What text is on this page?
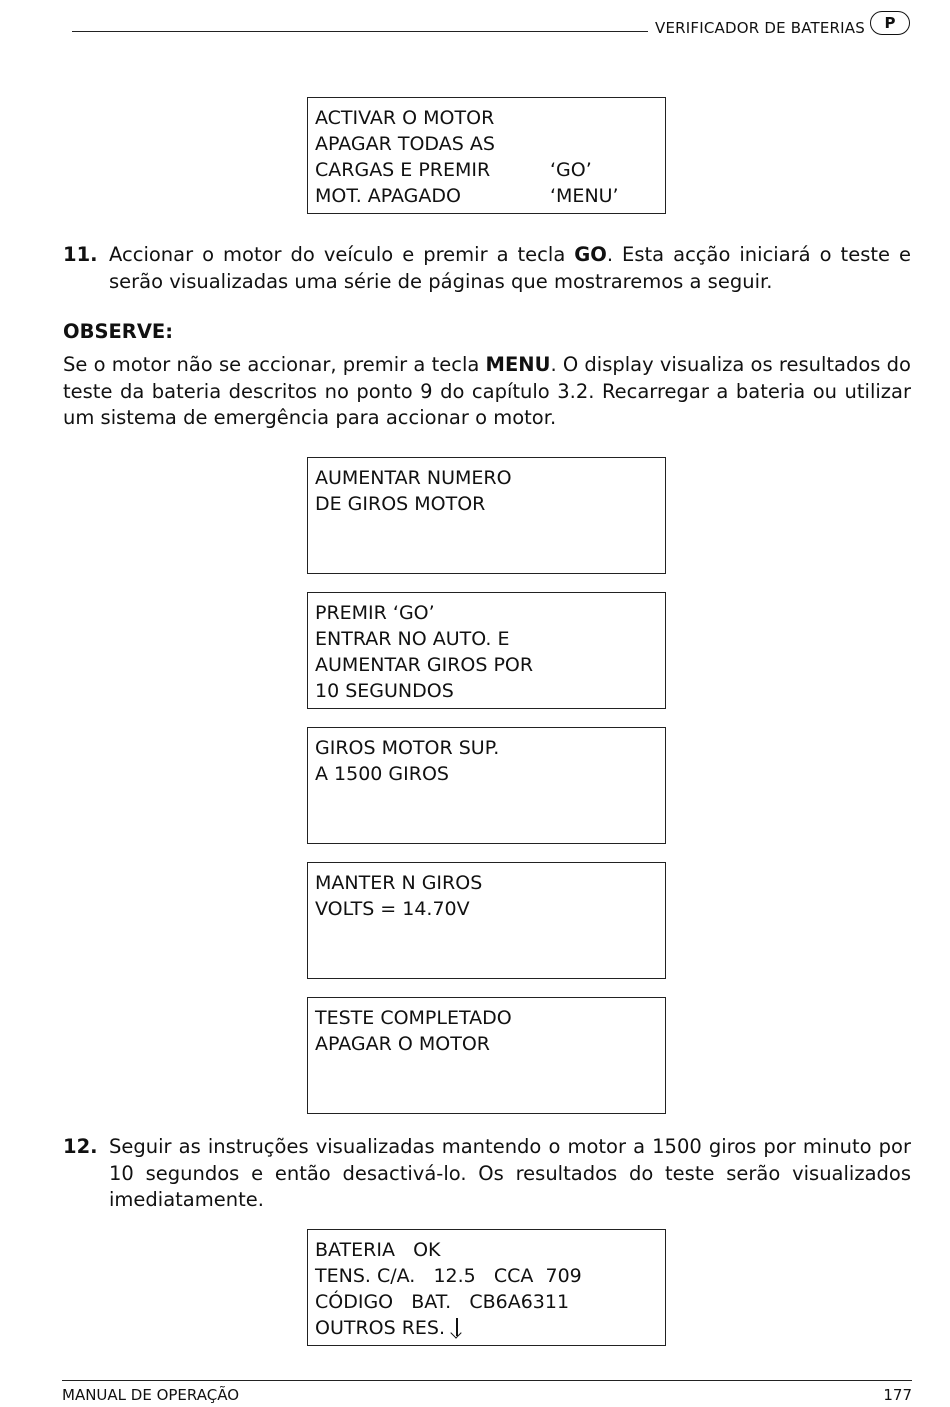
VERIFICADOR DE BATERIAS	P
ACTIVAR O MOTOR
APAGAR TODAS AS
CARGAS E PREMIR	‘GO’
MOT. APAGADO	‘MENU’
11. Accionar o motor do veículo e premir a tecla GO. Esta acção iniciará o teste e serão visualizadas uma série de páginas que mostraremos a seguir.
OBSERVE:
Se o motor não se accionar, premir a tecla MENU. O display visualiza os resultados do teste da bateria descritos no ponto 9 do capítulo 3.2. Recarregar a bateria ou utilizar um sistema de emergência para accionar o motor.
AUMENTAR NUMERO
DE GIROS MOTOR
PREMIR ‘GO’
ENTRAR NO AUTO. E
AUMENTAR GIROS POR
10 SEGUNDOS
GIROS MOTOR SUP.
A 1500 GIROS
MANTER N GIROS
VOLTS = 14.70V
TESTE COMPLETADO
APAGAR O MOTOR
12. Seguir as instruções visualizadas mantendo o motor a 1500 giros por minuto por 10 segundos e então desactivá-lo. Os resultados do teste serão visualizados imediatamente.
BATERIA   OK
TENS. C/A.   12.5   CCA  709
CÓDIGO   BAT.   CB6A6311
OUTROS RES.
MANUAL DE OPERAÇÃO	177
